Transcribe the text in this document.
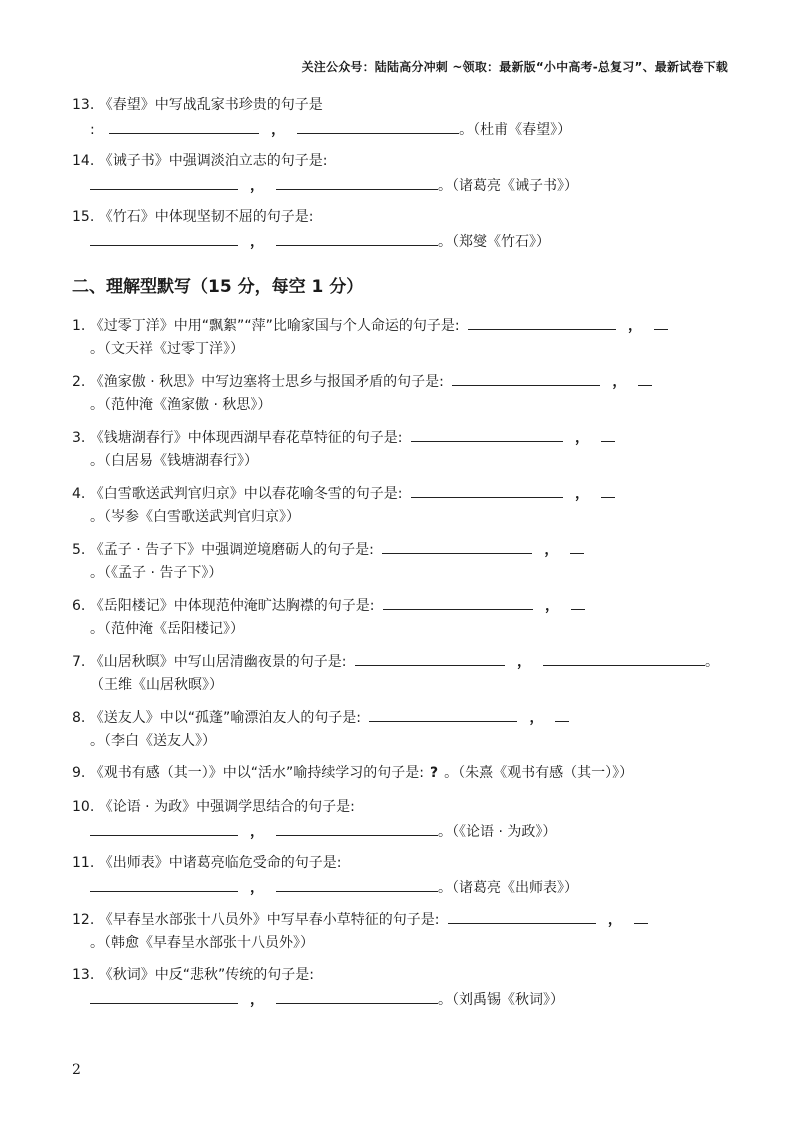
关注公众号：陆陆高分冲刺 ~领取：最新版“小中高考-总复习”、最新试卷下载
13. 《春望》中写战乱家书珍贵的句子是
:	，	。（杜甫《春望》）
14. 《诫子书》中强调淡泊立志的句子是:
，	。（诸葛亮《诫子书》）
15. 《竹石》中体现坚韧不屈的句子是:
，	。（郑燮《竹石》）
二、理解型默写（15 分，每空 1 分）
1. 《过零丁洋》中用“飘絮”“萍”比喻家国与个人命运的句子是:	，
。（文天祥《过零丁洋》）
2. 《渔家傲 · 秋思》中写边塞将士思乡与报国矛盾的句子是:	，
。（范仲淹《渔家傲 · 秋思》）
3. 《钱塘湖春行》中体现西湖早春花草特征的句子是:	，
。（白居易《钱塘湖春行》）
4. 《白雪歌送武判官归京》中以春花喻冬雪的句子是:	，
。（岑参《白雪歌送武判官归京》）
5. 《孟子 · 告子下》中强调逆境磨砺人的句子是:	，
。（《孟子 · 告子下》）
6. 《岳阳楼记》中体现范仲淹旷达胸襟的句子是:	，
。（范仲淹《岳阳楼记》）
7. 《山居秋暝》中写山居清幽夜景的句子是:	，	。
（王维《山居秋暝》）
8. 《送友人》中以“孤蓬”喻漂泊友人的句子是:	，
。（李白《送友人》）
9. 《观书有感（其一）》中以“活水”喻持续学习的句子是: ? 。（朱熹《观书有感（其一）》）
10. 《论语 · 为政》中强调学思结合的句子是:
，	。（《论语 · 为政》）
11. 《出师表》中诸葛亮临危受命的句子是:
，	。（诸葛亮《出师表》）
12. 《早春呈水部张十八员外》中写早春小草特征的句子是:	，
。（韩愈《早春呈水部张十八员外》）
13. 《秋词》中反“悲秋”传统的句子是:
，	。（刘禹锡《秋词》）
2
